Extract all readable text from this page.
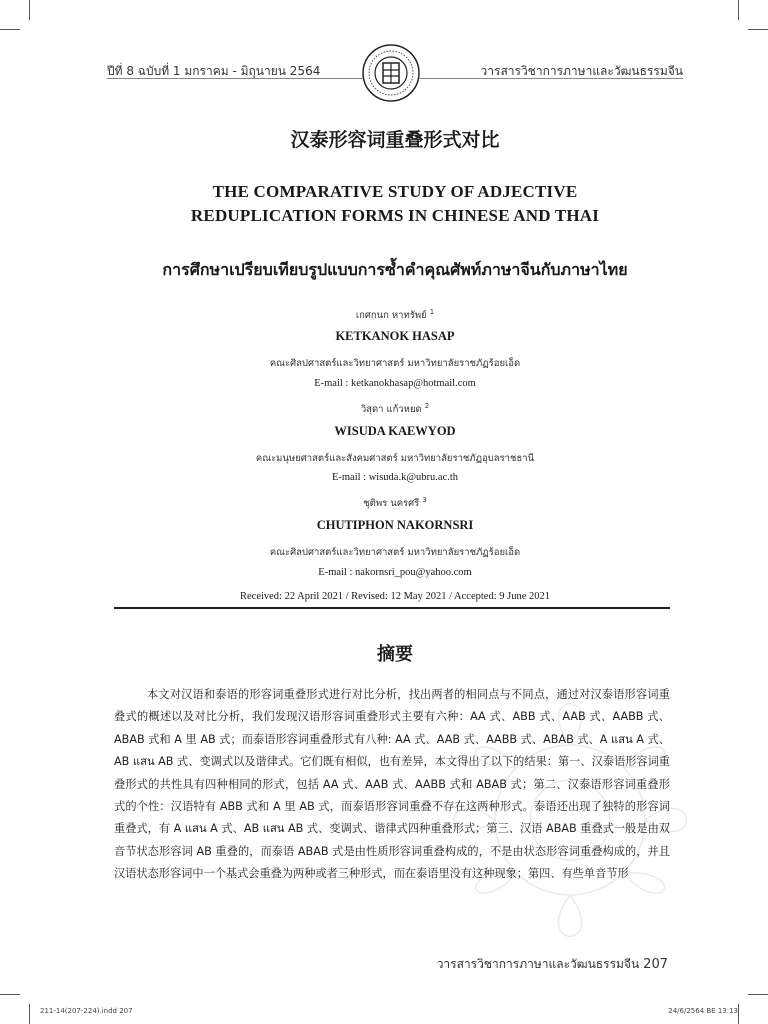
ปีที่ 8 ฉบับที่ 1 มกราคม - มิถุนายน 2564	วารสารวิชาการภาษาและวัฒนธรรมจีน
汉泰形容词重叠形式对比
THE COMPARATIVE STUDY OF ADJECTIVE
REDUPLICATION FORMS IN CHINESE AND THAI
การศึกษาเปรียบเทียบรูปแบบการซ้ำคำคุณศัพท์ภาษาจีนกับภาษาไทย
เกศกนก หาทรัพย์ $^1$
KETKANOK HASAP
คณะศิลปศาสตร์และวิทยาศาสตร์ มหาวิทยาลัยราชภัฏร้อยเอ็ด
E-mail : ketkanokhasap@hotmail.com
วิสุดา แก้วหยด $^2$
WISUDA KAEWYOD
คณะมนุษยศาสตร์และสังคมศาสตร์ มหาวิทยาลัยราชภัฏอุบลราชธานี
E-mail : wisuda.k@ubru.ac.th
ชุติพร นครศรี $^3$
CHUTIPHON NAKORNSRI
คณะศิลปศาสตร์และวิทยาศาสตร์ มหาวิทยาลัยราชภัฏร้อยเอ็ด
E-mail : nakornsri_pou@yahoo.com
Received: 22 April 2021 / Revised: 12 May 2021 / Accepted: 9 June 2021
摘要
本文对汉语和泰语的形容词重叠形式进行对比分析，找出两者的相同点与不同点，通过对汉泰语形容词重叠式的概述以及对比分析，我们发现汉语形容词重叠形式主要有六种：AA 式、ABB 式、AAB 式、AABB 式、ABAB 式和 A 里 AB 式；而泰语形容词重叠形式有八种: AA 式、AAB 式、AABB 式、ABAB 式、A แสน A 式、AB แสน AB 式、变调式以及谐律式。它们既有相似，也有差异，本文得出了以下的结果：第一、汉泰语形容词重叠形式的共性具有四种相同的形式，包括 AA 式、AAB 式、AABB 式和 ABAB 式；第二、汉泰语形容词重叠形式的个性：汉语特有 ABB 式和 A 里 AB 式，而泰语形容词重叠不存在这两种形式。泰语还出现了独特的形容词重叠式，有 A แสน A 式、AB แสน AB 式、变调式、谐律式四种重叠形式；第三、汉语 ABAB 重叠式一般是由双音节状态形容词 AB 重叠的，而泰语 ABAB 式是由性质形容词重叠构成的，不是由状态形容词重叠构成的，并且汉语状态形容词中一个基式会重叠为两种或者三种形式，而在泰语里没有这种现象；第四、有些单音节形
วารสารวิชาการภาษาและวัฒนธรรมจีน 207
211-14(207-224).indd 207	24/6/2564 BE 13:13
